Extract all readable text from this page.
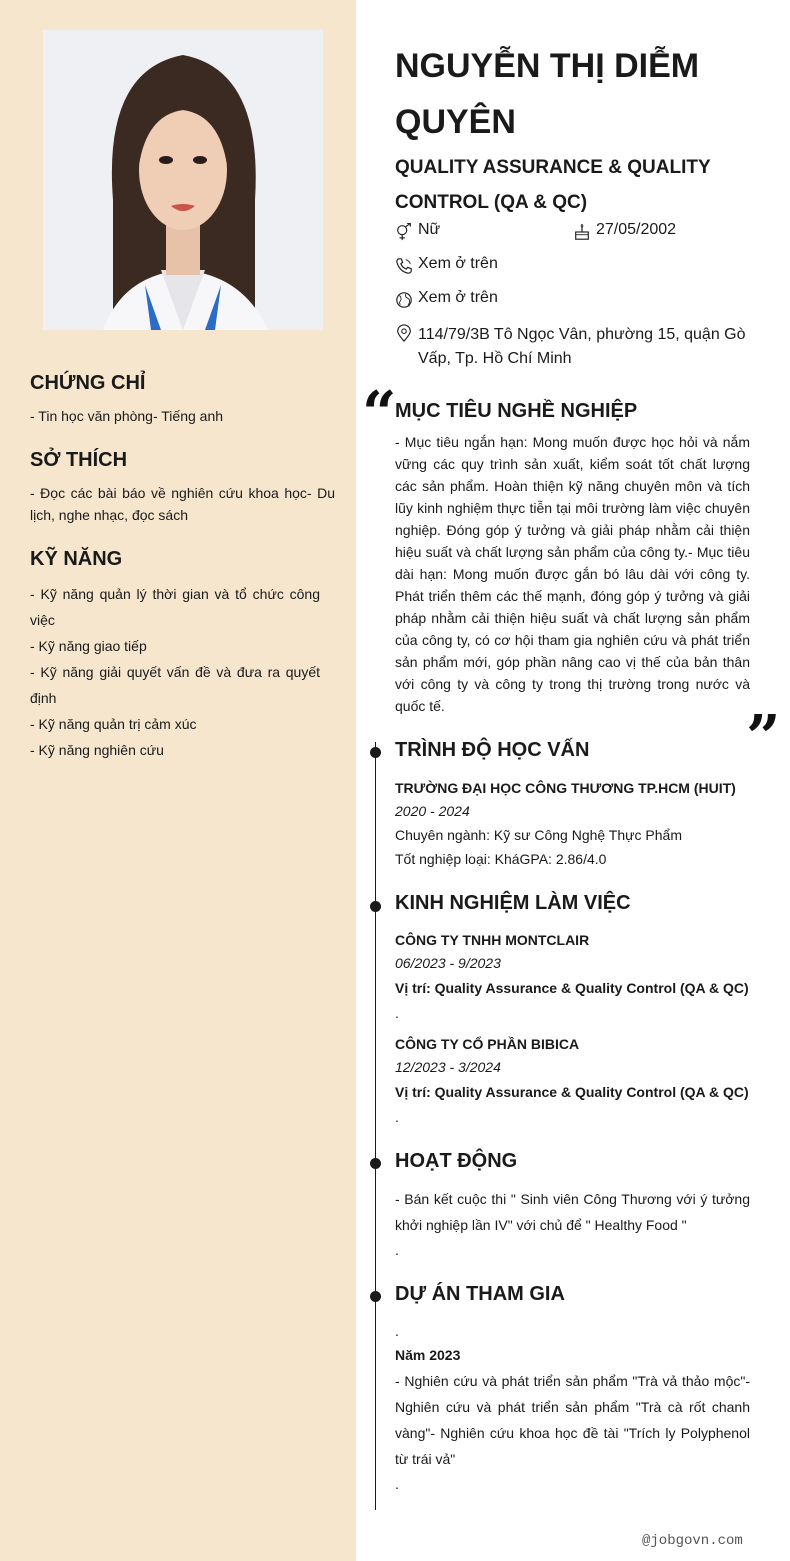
CHỨNG CHỈ
- Tin học văn phòng- Tiếng anh
SỞ THÍCH
- Đọc các bài báo về nghiên cứu khoa học- Du lịch, nghe nhạc, đọc sách
KỸ NĂNG
- Kỹ năng quản lý thời gian và tổ chức công việc
- Kỹ năng giao tiếp
- Kỹ năng giải quyết vấn đề và đưa ra quyết định
- Kỹ năng quản trị cảm xúc
- Kỹ năng nghiên cứu
NGUYỄN THỊ DIỄM QUYÊN
QUALITY ASSURANCE & QUALITY CONTROL (QA & QC)
Nữ	27/05/2002
Xem ở trên
Xem ở trên
114/79/3B Tô Ngọc Vân, phường 15, quận Gò Vấp, Tp. Hồ Chí Minh
“
MỤC TIÊU NGHỀ NGHIỆP
- Mục tiêu ngắn hạn: Mong muốn được học hỏi và nắm vững các quy trình sản xuất, kiểm soát tốt chất lượng các sản phẩm. Hoàn thiện kỹ năng chuyên môn và tích lũy kinh nghiệm thực tiễn tại môi trường làm việc chuyên nghiệp. Đóng góp ý tưởng và giải pháp nhằm cải thiện hiệu suất và chất lượng sản phẩm của công ty.- Mục tiêu dài hạn: Mong muốn được gắn bó lâu dài với công ty. Phát triển thêm các thế mạnh, đóng góp ý tưởng và giải pháp nhằm cải thiện hiệu suất và chất lượng sản phẩm của công ty, có cơ hội tham gia nghiên cứu và phát triển sản phẩm mới, góp phần nâng cao vị thế của bản thân với công ty và công ty trong thị trường trong nước và quốc tế.	”
TRÌNH ĐỘ HỌC VẤN
TRƯỜNG ĐẠI HỌC CÔNG THƯƠNG TP.HCM (HUIT)
2020 - 2024
Chuyên ngành: Kỹ sư Công Nghệ Thực Phẩm
Tốt nghiệp loại: KháGPA: 2.86/4.0
KINH NGHIỆM LÀM VIỆC
CÔNG TY TNHH MONTCLAIR
06/2023 - 9/2023
Vị trí: Quality Assurance & Quality Control (QA & QC)
.
CÔNG TY CỔ PHẦN BIBICA
12/2023 - 3/2024
Vị trí: Quality Assurance & Quality Control (QA & QC)
.
HOẠT ĐỘNG
- Bán kết cuộc thi " Sinh viên Công Thương với ý tưởng khởi nghiệp lần IV" với chủ để " Healthy Food "
.
DỰ ÁN THAM GIA
.
Năm 2023
- Nghiên cứu và phát triển sản phẩm "Trà vả thảo mộc"- Nghiên cứu và phát triển sản phẩm "Trà cà rốt chanh vàng"- Nghiên cứu khoa học đề tài "Trích ly Polyphenol từ trái vả"
.
@jobgovn.com
